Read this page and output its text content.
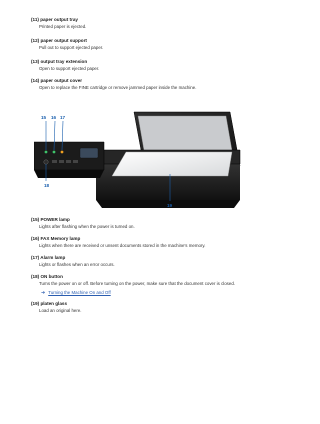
(11) paper output tray
Printed paper is ejected.
(12) paper output support
Pull out to support ejected paper.
(13) output tray extension
Open to support ejected paper.
(14) paper output cover
Open to replace the FINE cartridge or remove jammed paper inside the machine.
15 16 17
18
19
(15) POWER lamp
Lights after flashing when the power is turned on.
(16) FAX Memory lamp
Lights when there are received or unsent documents stored in the machine's memory.
(17) Alarm lamp
Lights or flashes when an error occurs.
(18) ON button
Turns the power on or off. Before turning on the power, make sure that the document cover is closed.
➜ Turning the Machine On and Off
(19) platen glass
Load an original here.
